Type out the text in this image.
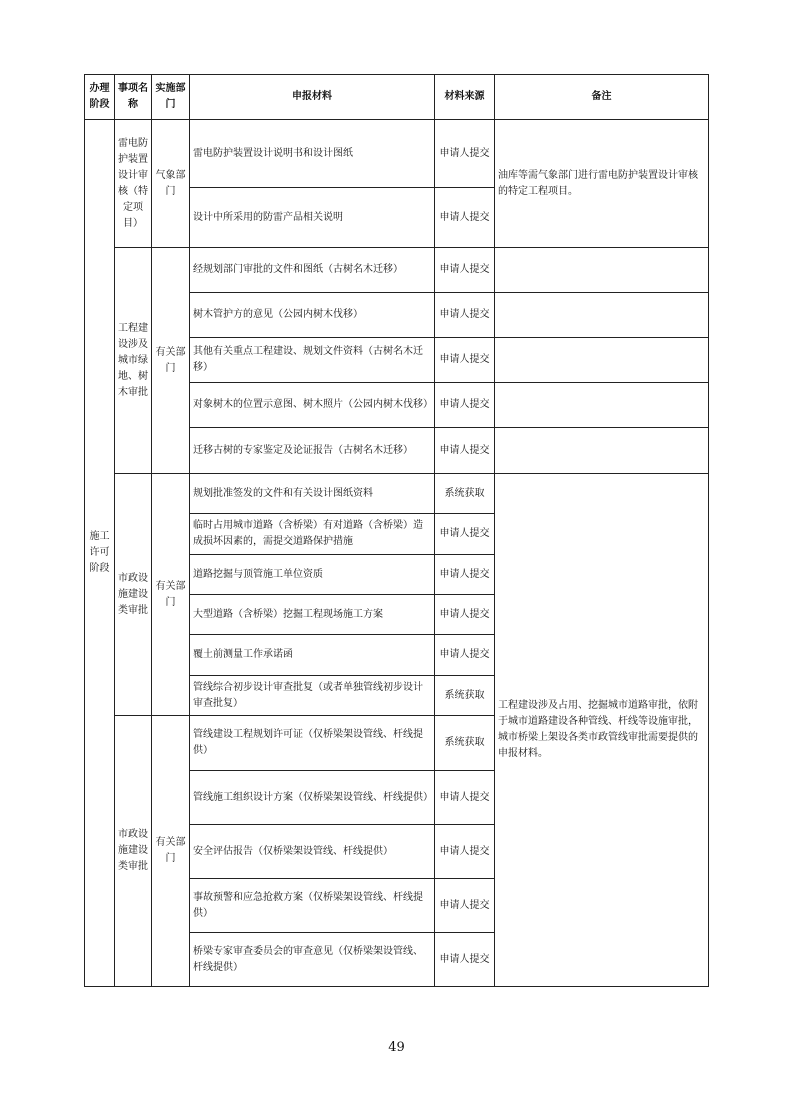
办理阶段	事项名称	实施部门	申报材料	材料来源	备注
施工许可阶段	雷电防护装置设计审核（特定项目）	气象部门	雷电防护装置设计说明书和设计图纸	申请人提交	油库等需气象部门进行雷电防护装置设计审核的特定工程项目。
			设计中所采用的防雷产品相关说明	申请人提交	
	工程建设涉及城市绿地、树木审批	有关部门	经规划部门审批的文件和图纸（古树名木迁移）	申请人提交	
			树木管护方的意见（公园内树木伐移）	申请人提交	
			其他有关重点工程建设、规划文件资料（古树名木迁移）	申请人提交	
			对象树木的位置示意图、树木照片（公园内树木伐移）	申请人提交	
			迁移古树的专家鉴定及论证报告（古树名木迁移）	申请人提交	
	市政设施建设类审批	有关部门	规划批准签发的文件和有关设计图纸资料	系统获取	工程建设涉及占用、挖掘城市道路审批，依附于城市道路建设各种管线、杆线等设施审批，城市桥梁上架设各类市政管线审批需要提供的申报材料。
			临时占用城市道路（含桥梁）有对道路（含桥梁）造成损坏因素的，需提交道路保护措施	申请人提交	
			道路挖掘与顶管施工单位资质	申请人提交	
			大型道路（含桥梁）挖掘工程现场施工方案	申请人提交	
			覆土前测量工作承诺函	申请人提交	
			管线综合初步设计审查批复（或者单独管线初步设计审查批复）	系统获取	
	市政设施建设类审批	有关部门	管线建设工程规划许可证（仅桥梁架设管线、杆线提供）	系统获取	
			管线施工组织设计方案（仅桥梁架设管线、杆线提供）	申请人提交	
			安全评估报告（仅桥梁架设管线、杆线提供）	申请人提交	
			事故预警和应急抢救方案（仅桥梁架设管线、杆线提供）	申请人提交	
			桥梁专家审查委员会的审查意见（仅桥梁架设管线、杆线提供）	申请人提交	
49
